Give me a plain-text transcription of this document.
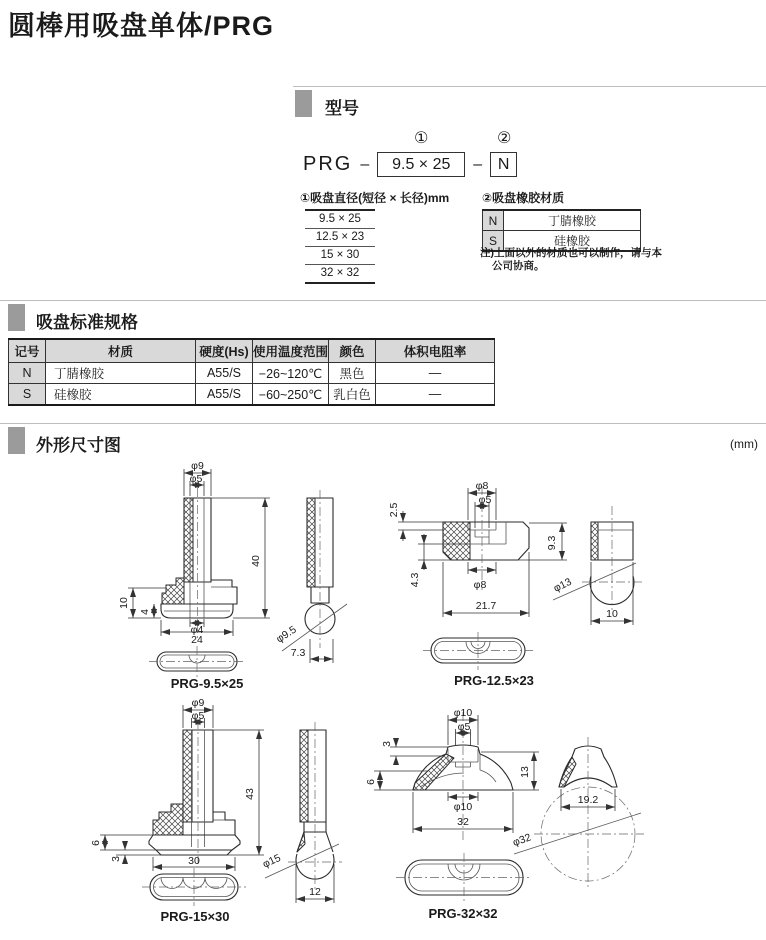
圆棒用吸盘单体/PRG
型号
①	②
PRG –	9.5 × 25	– N
①吸盘直径(短径 × 长径)mm
9.5 × 25
12.5 × 23
15 × 30
32 × 32
②吸盘橡胶材质
N	丁腈橡胶
S	硅橡胶
注)上面以外的材质也可以制作，请与本
公司协商。
吸盘标准规格
记号	材质	硬度(Hs)	使用温度范围	颜色	体积电阻率
N	丁腈橡胶	A55/S	−26~120℃	黑色	—
S	硅橡胶	A55/S	−60~250℃	乳白色	—
外形尺寸图	(mm)
φ9
φ5
40
10
4
φ4
24	φ9.5
7.3
PRG-9.5×25
φ8
φ5
2.5
4.3
9.3
φ8
21.7
φ13
10
PRG-12.5×23
φ9
φ5
43
6
3	30	φ15
12
PRG-15×30
φ10
φ5
3
6
13
φ10
32
φ32
19.2
PRG-32×32
